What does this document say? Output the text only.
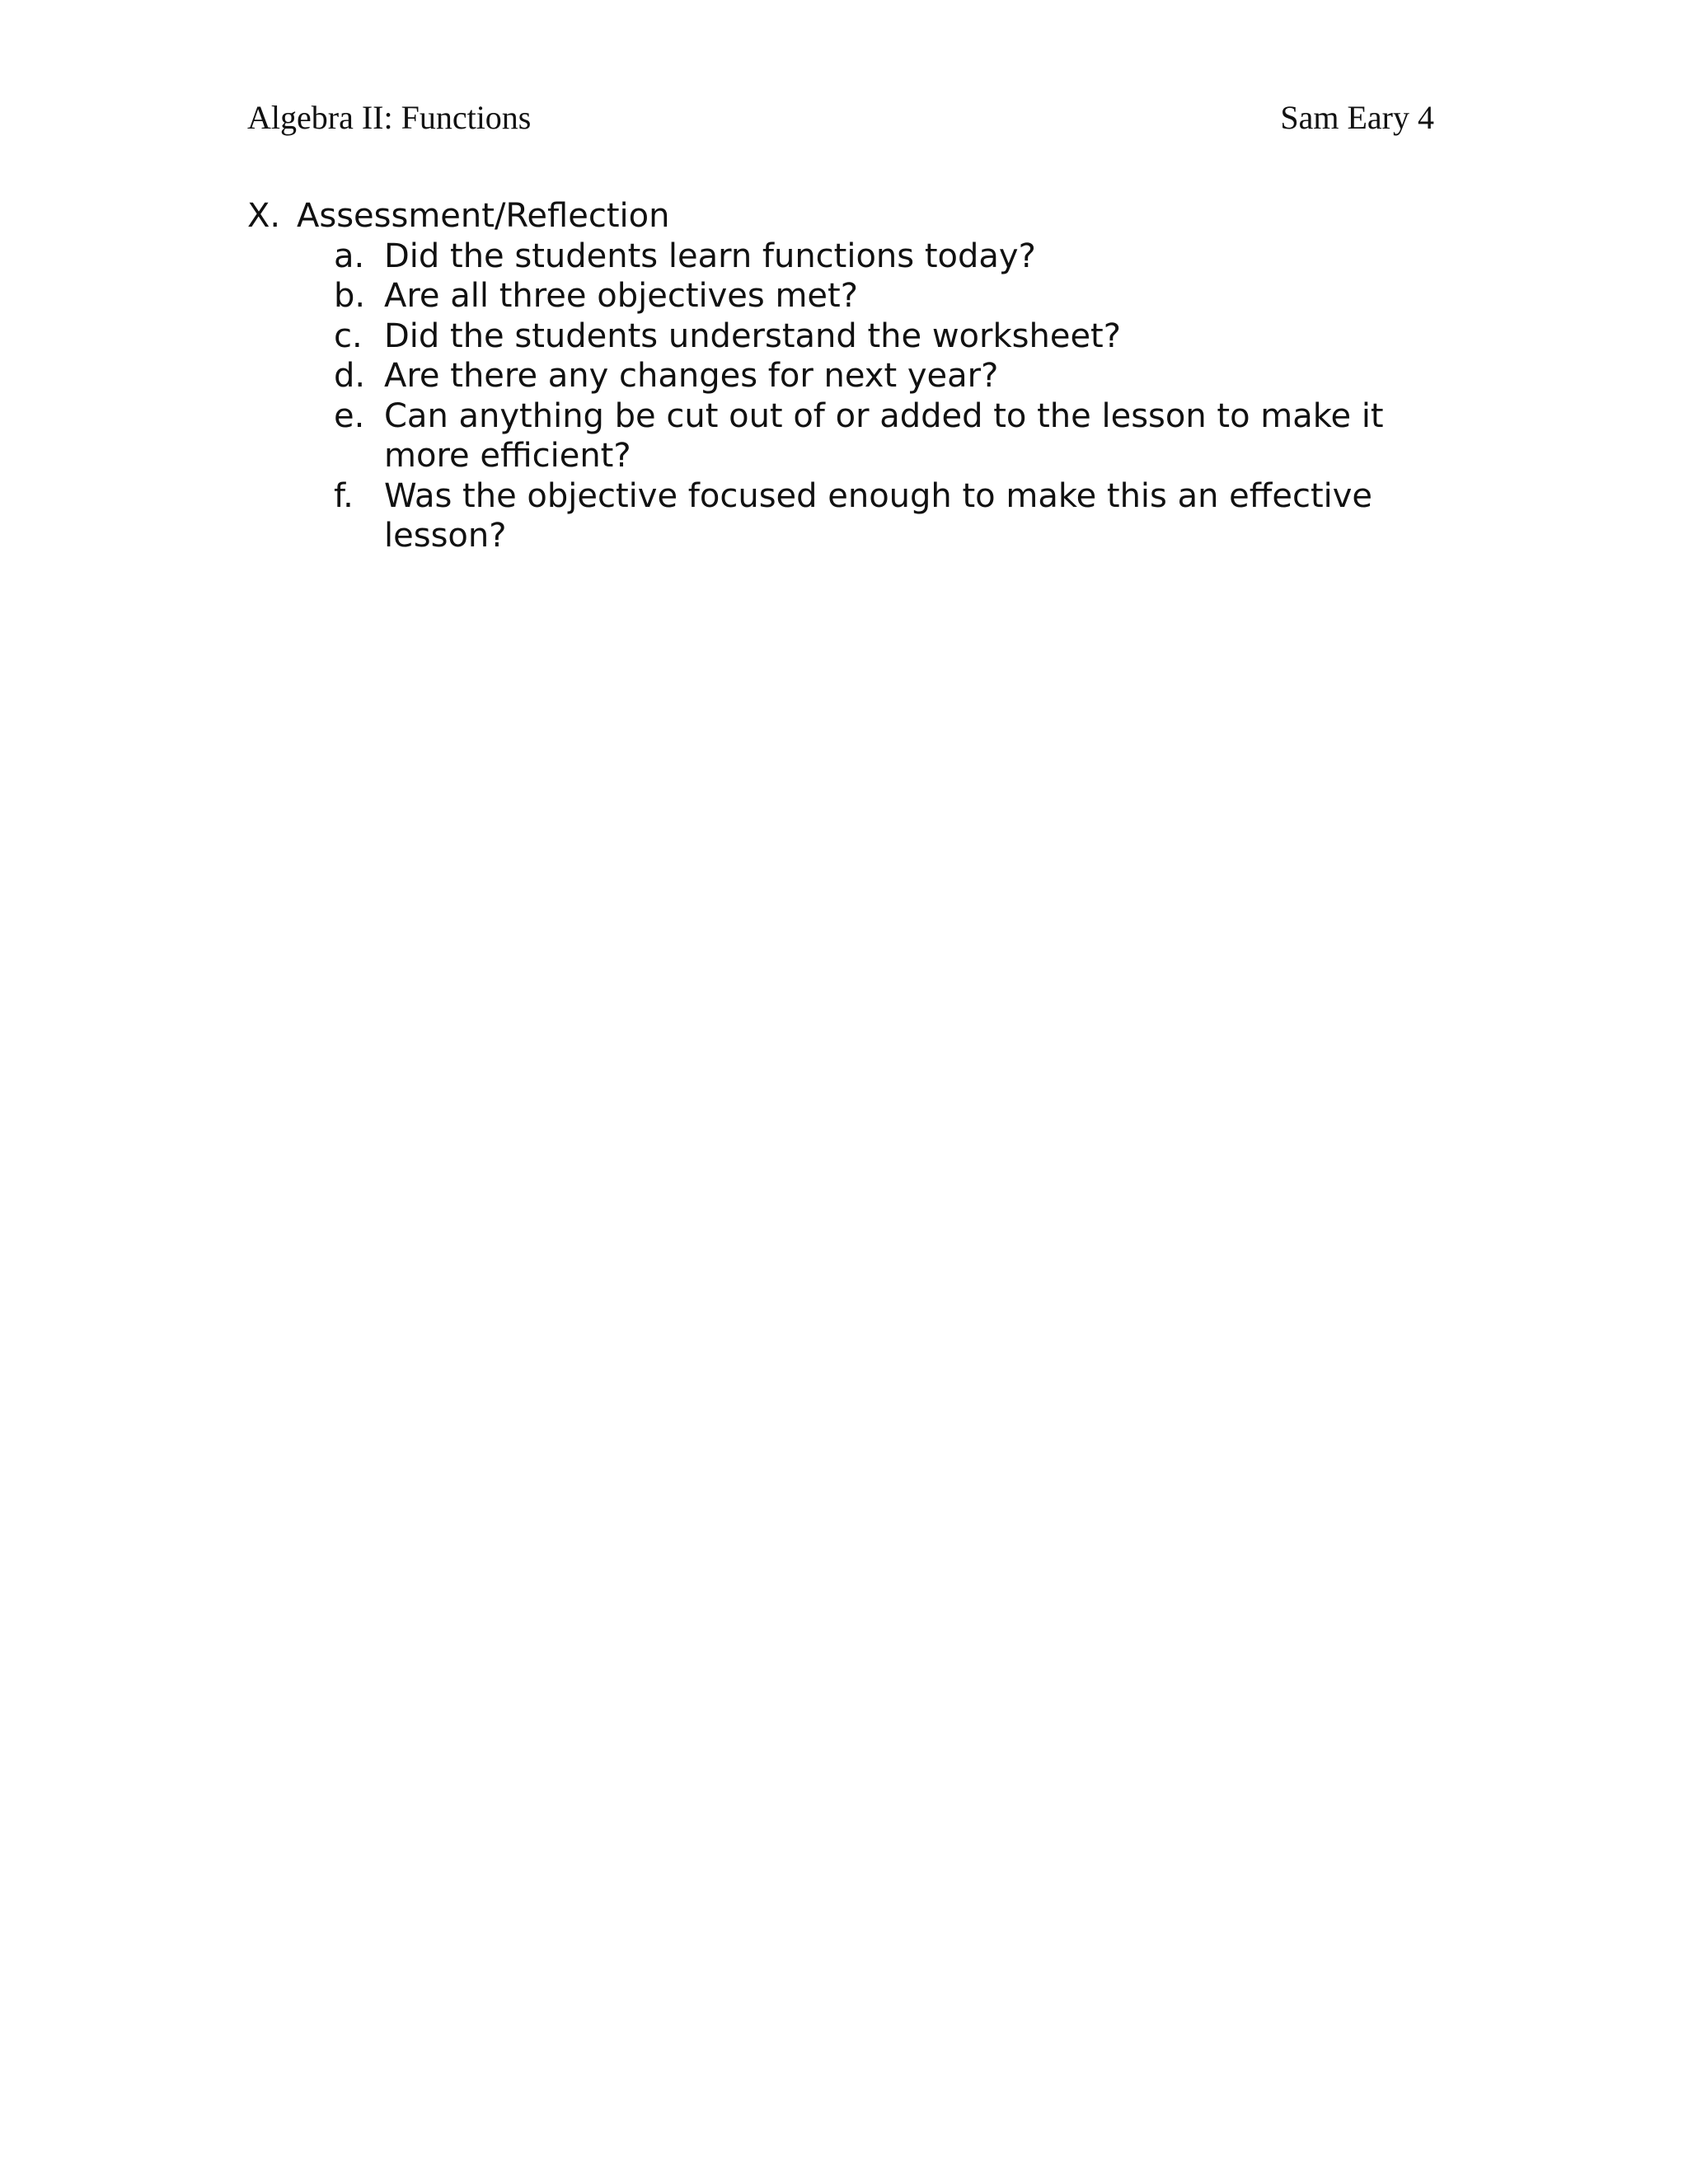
Algebra II: Functions	Sam Eary 4
X. Assessment/Reflection
a. Did the students learn functions today?
b. Are all three objectives met?
c. Did the students understand the worksheet?
d. Are there any changes for next year?
e. Can anything be cut out of or added to the lesson to make it more efficient?
f. Was the objective focused enough to make this an effective lesson?
